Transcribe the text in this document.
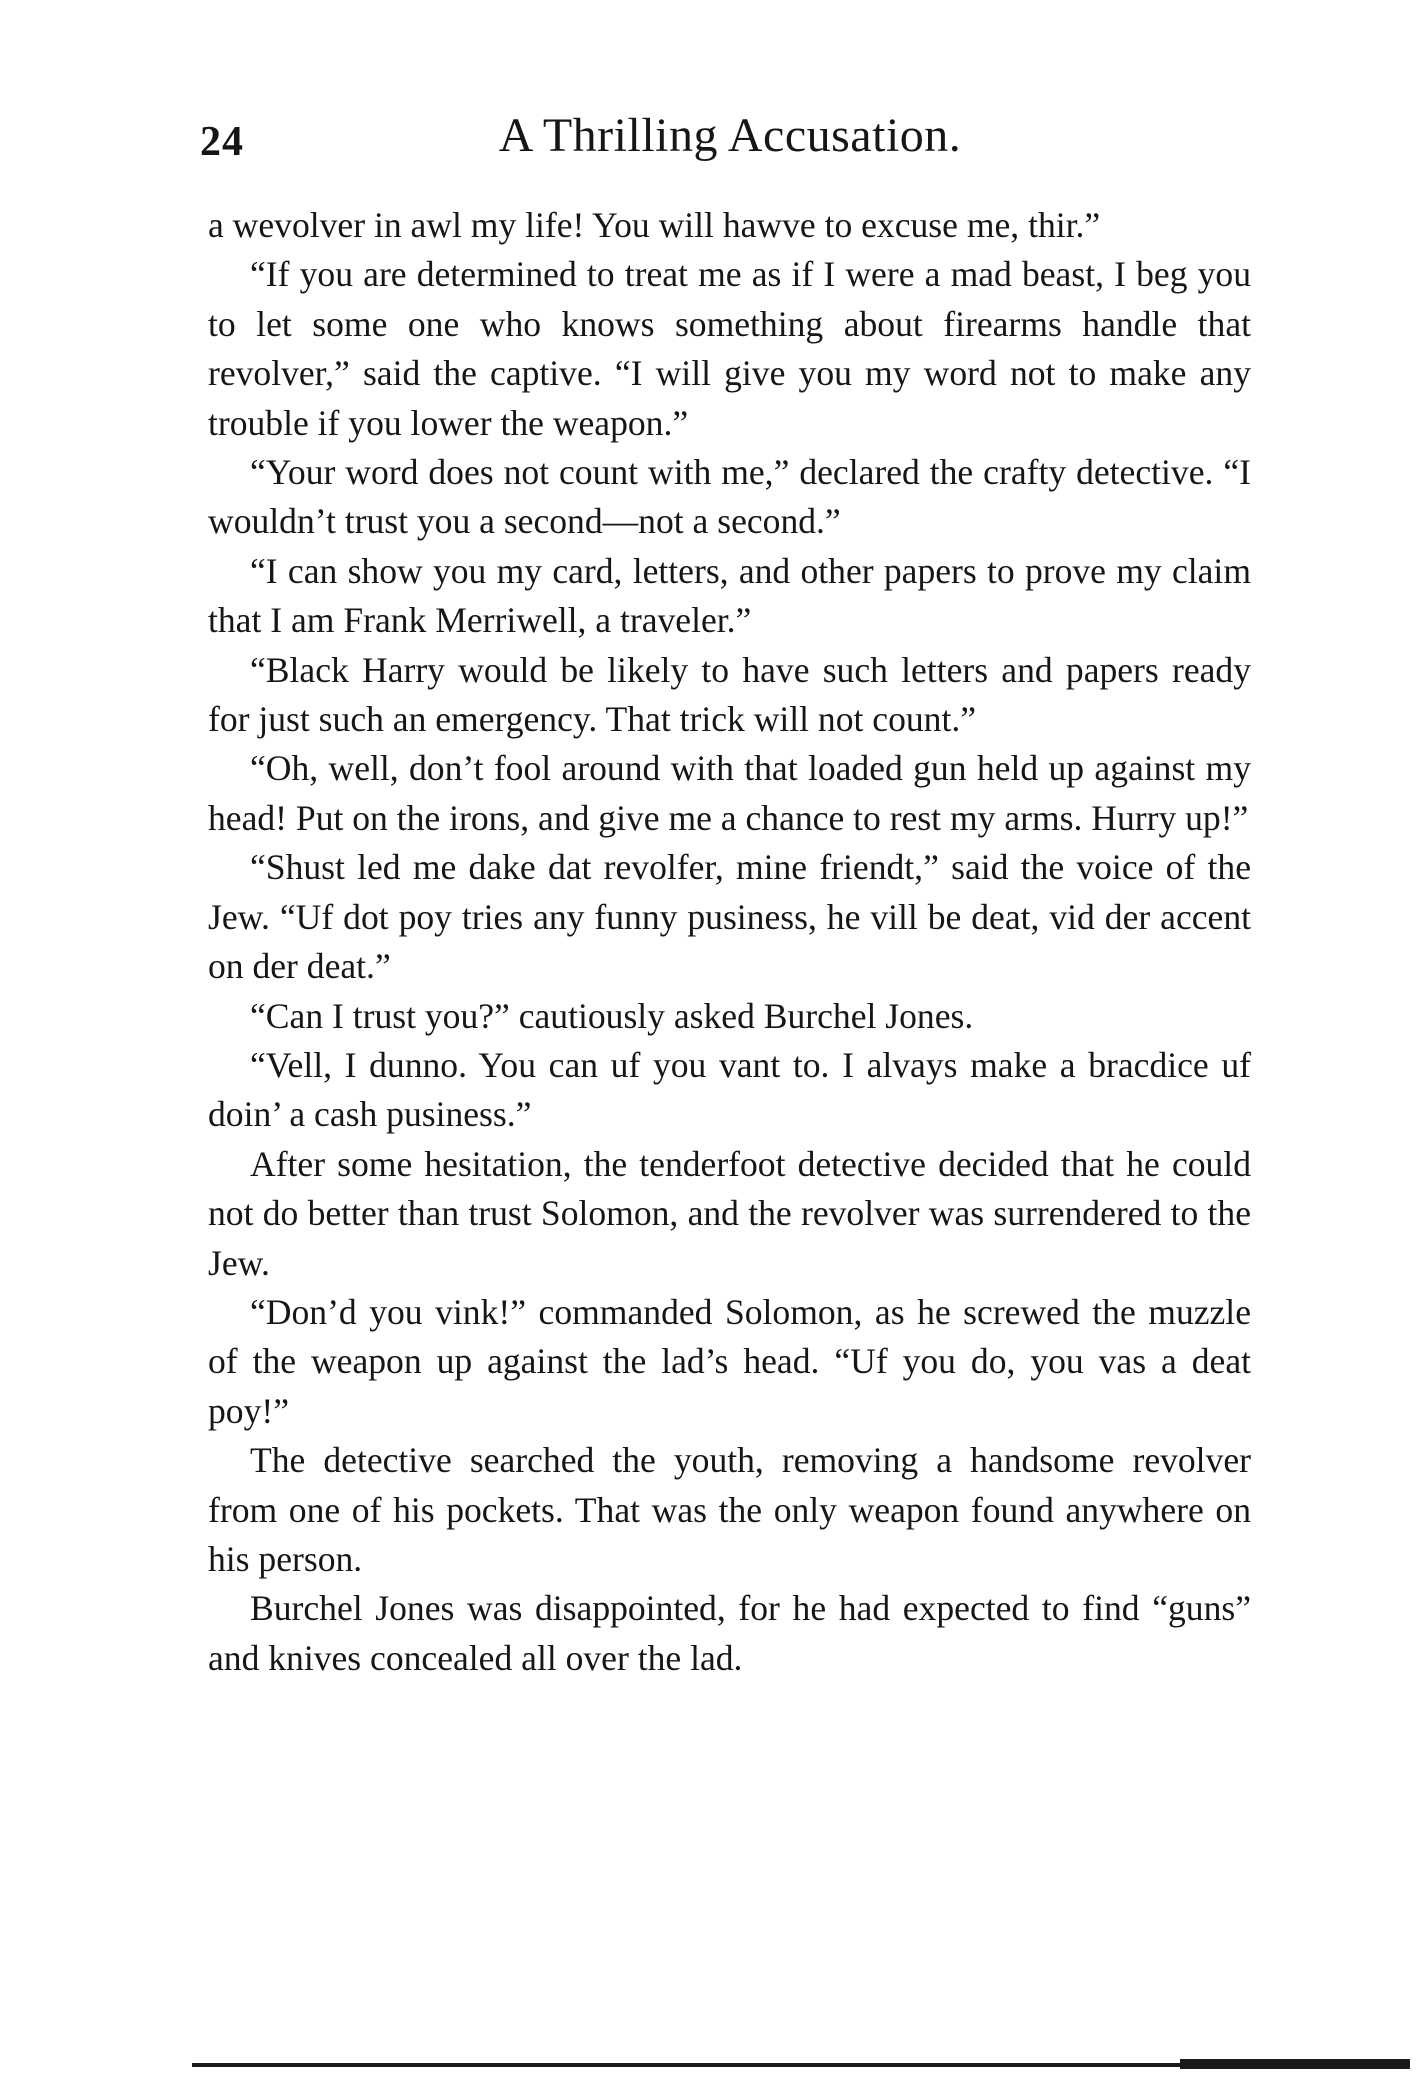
24	A Thrilling Accusation.

a wevolver in awl my life! You will hawve to excuse me, thir.”

“If you are determined to treat me as if I were a mad beast, I beg you to let some one who knows something about firearms handle that revolver,” said the captive. “I will give you my word not to make any trouble if you lower the weapon.”

“Your word does not count with me,” declared the crafty detective. “I wouldn’t trust you a second—not a second.”

“I can show you my card, letters, and other papers to prove my claim that I am Frank Merriwell, a traveler.”

“Black Harry would be likely to have such letters and papers ready for just such an emergency. That trick will not count.”

“Oh, well, don’t fool around with that loaded gun held up against my head! Put on the irons, and give me a chance to rest my arms. Hurry up!”

“Shust led me dake dat revolfer, mine friendt,” said the voice of the Jew. “Uf dot poy tries any funny pusiness, he vill be deat, vid der accent on der deat.”

“Can I trust you?” cautiously asked Burchel Jones.

“Vell, I dunno. You can uf you vant to. I alvays make a bracdice uf doin’ a cash pusiness.”

After some hesitation, the tenderfoot detective decided that he could not do better than trust Solomon, and the revolver was surrendered to the Jew.

“Don’d you vink!” commanded Solomon, as he screwed the muzzle of the weapon up against the lad’s head. “Uf you do, you vas a deat poy!”

The detective searched the youth, removing a handsome revolver from one of his pockets. That was the only weapon found anywhere on his person.

Burchel Jones was disappointed, for he had expected to find “guns” and knives concealed all over the lad.
